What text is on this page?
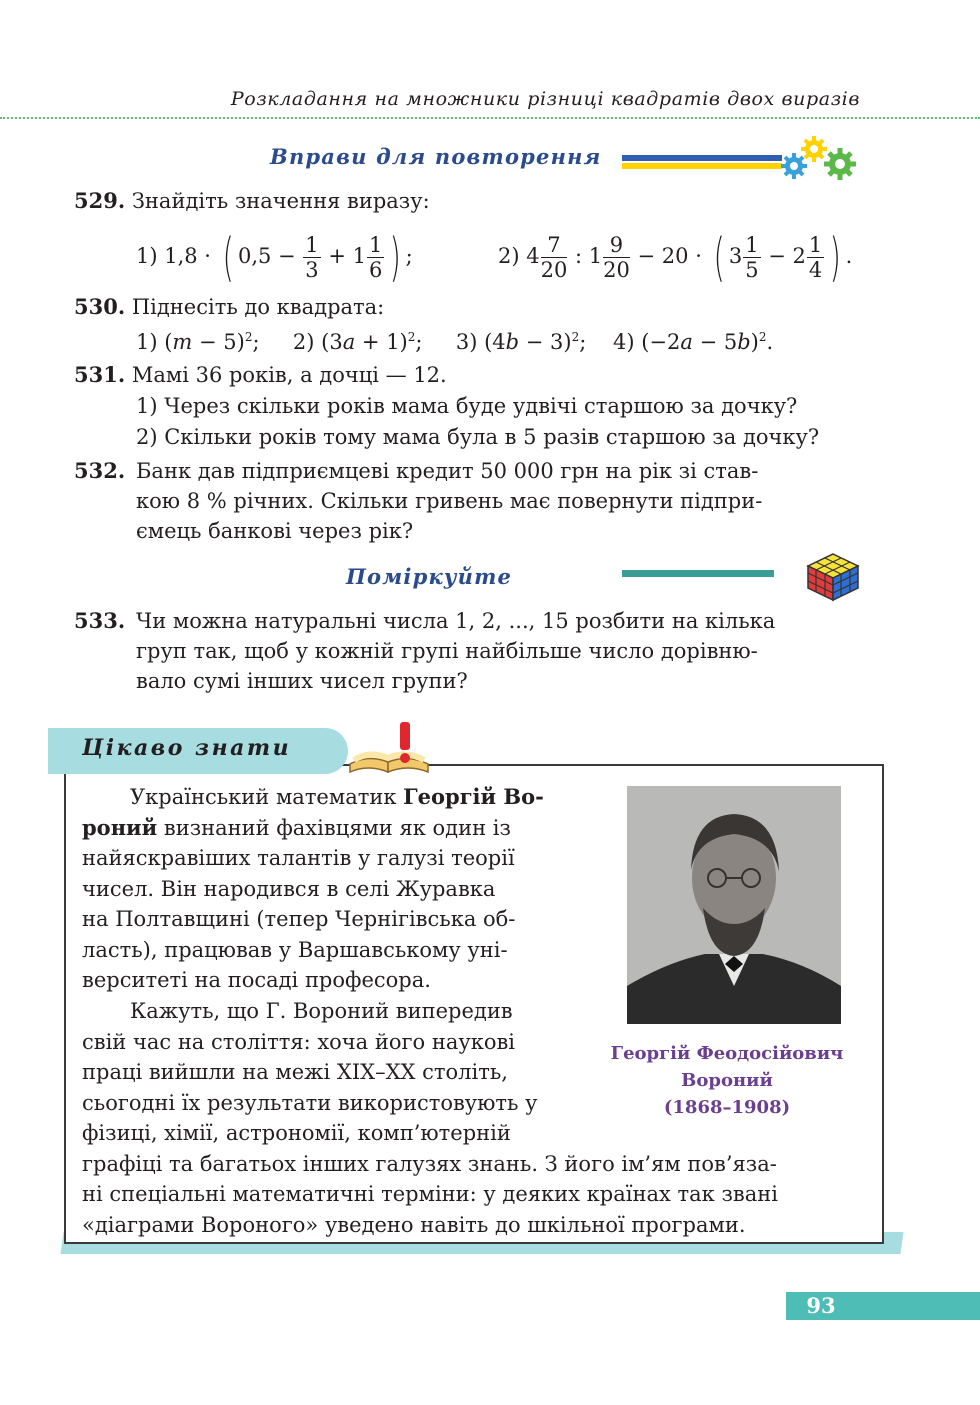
Розкладання на множники різниці квадратів двох виразів
Вправи для повторення
529. Знайдіть значення виразу:
1) 1,8 · ( $0,5 - \frac{1}{3} + 1 \frac{1}{6}$ ) ;	2) $4 \frac{7}{20}$ : $1 \frac{9}{20} - 20$ · ( $3 \frac{1}{5} - 2 \frac{1}{4}$ ) .
530. Піднесіть до квадрата:
1) $(m - 5)^2$;     2) $(3a + 1)^2$;     3) $(4b - 3)^2$;    4) $(-2a - 5b)^2$.
531. Мамі 36 років, а дочці — 12.
1) Через скільки років мама буде удвічі старшою за дочку?
2) Скільки років тому мама була в 5 разів старшою за дочку?
532. Банк дав підприємцеві кредит 50 000 грн на рік зі став-
кою 8 % річних. Скільки гривень має повернути підпри-
ємець банкові через рік?
Поміркуйте
533. Чи можна натуральні числа 1, 2, ..., 15 розбити на кілька
груп так, щоб у кожній групі найбільше число дорівню-
вало сумі інших чисел групи?
Цікаво знати
Український математик Георгій Во-
роний визнаний фахівцями як один із
найяскравіших талантів у галузі теорії
чисел. Він народився в селі Журавка
на Полтавщині (тепер Чернігівська об-
ласть), працював у Варшавському уні-
верситеті на посаді професора.
Кажуть, що Г. Вороний випередив
свій час на століття: хоча його наукові
праці вийшли на межі XIX–XX століть,
сьогодні їх результати використовують у
фізиці, хімії, астрономії, комп’ютерній
графіці та багатьох інших галузях знань. З його ім’ям пов’яза-
ні спеціальні математичні терміни: у деяких країнах так звані
«діаграми Вороного» уведено навіть до шкільної програми.
Георгій Феодосійович
Вороний
(1868–1908)
93
